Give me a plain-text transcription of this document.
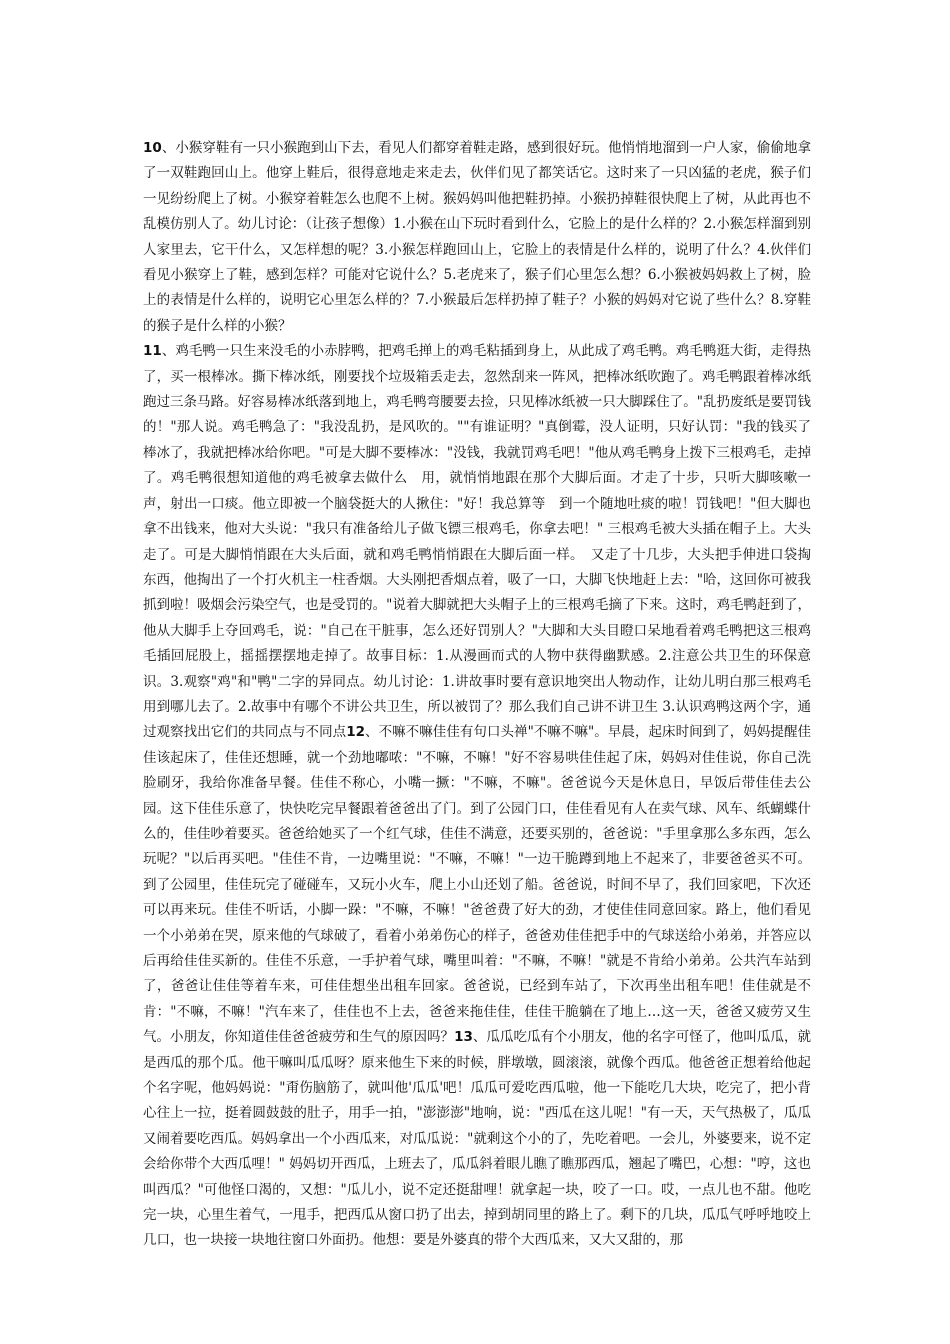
10、小猴穿鞋有一只小猴跑到山下去，看见人们都穿着鞋走路，感到很好玩。他悄悄地溜到一户人家，偷偷地拿了一双鞋跑回山上。他穿上鞋后，很得意地走来走去，伙伴们见了都笑话它。这时来了一只凶猛的老虎，猴子们一见纷纷爬上了树。小猴穿着鞋怎么也爬不上树。猴妈妈叫他把鞋扔掉。小猴扔掉鞋很快爬上了树，从此再也不乱模仿别人了。幼儿讨论：（让孩子想像）1.小猴在山下玩时看到什么，它脸上的是什么样的？2.小猴怎样溜到别人家里去，它干什么，又怎样想的呢？3.小猴怎样跑回山上，它脸上的表情是什么样的，说明了什么？4.伙伴们看见小猴穿上了鞋，感到怎样？可能对它说什么？5.老虎来了，猴子们心里怎么想？6.小猴被妈妈救上了树，脸上的表情是什么样的，说明它心里怎么样的？7.小猴最后怎样扔掉了鞋子？小猴的妈妈对它说了些什么？8.穿鞋的猴子是什么样的小猴？

11、鸡毛鸭一只生来没毛的小赤脖鸭，把鸡毛掸上的鸡毛粘插到身上，从此成了鸡毛鸭。鸡毛鸭逛大街，走得热了，买一根棒冰。撕下棒冰纸，刚要找个垃圾箱丢走去，忽然刮来一阵风，把棒冰纸吹跑了。鸡毛鸭跟着棒冰纸跑过三条马路。好容易棒冰纸落到地上，鸡毛鸭弯腰要去捡，只见棒冰纸被一只大脚踩住了。"乱扔废纸是要罚钱的！"那人说。鸡毛鸭急了："我没乱扔，是风吹的。""有谁证明？"真倒霉，没人证明，只好认罚："我的钱买了棒冰了，我就把棒冰给你吧。"可是大脚不要棒冰："没钱，我就罚鸡毛吧！"他从鸡毛鸭身上拨下三根鸡毛，走掉了。鸡毛鸭很想知道他的鸡毛被拿去做什么　用，就悄悄地跟在那个大脚后面。才走了十步，只听大脚咳嗽一声，射出一口痰。他立即被一个脑袋挺大的人揪住："好！我总算等　到一个随地吐痰的啦！罚钱吧！"但大脚也拿不出钱来，他对大头说："我只有准备给儿子做飞镖三根鸡毛，你拿去吧！" 三根鸡毛被大头插在帽子上。大头走了。可是大脚悄悄跟在大头后面，就和鸡毛鸭悄悄跟在大脚后面一样。　又走了十几步，大头把手伸进口袋掏东西，他掏出了一个打火机主一柱香烟。大头刚把香烟点着，吸了一口，大脚飞快地赶上去："哈，这回你可被我抓到啦！吸烟会污染空气，也是受罚的。"说着大脚就把大头帽子上的三根鸡毛摘了下来。这时，鸡毛鸭赶到了，他从大脚手上夺回鸡毛，说："自己在干脏事，怎么还好罚别人？"大脚和大头目瞪口呆地看着鸡毛鸭把这三根鸡毛插回屁股上，摇摇摆摆地走掉了。故事目标：1.从漫画而式的人物中获得幽默感。2.注意公共卫生的环保意识。3.观察"鸡"和"鸭"二字的异同点。幼儿讨论：1.讲故事时要有意识地突出人物动作，让幼儿明白那三根鸡毛用到哪儿去了。2.故事中有哪个不讲公共卫生，所以被罚了？那么我们自己讲不讲卫生 3.认识鸡鸭这两个字，通过观察找出它们的共同点与不同点12、不嘛不嘛佳佳有句口头禅"不嘛不嘛"。早晨，起床时间到了，妈妈提醒佳佳该起床了，佳佳还想睡，就一个劲地嘟哝："不嘛，不嘛！"好不容易哄佳佳起了床，妈妈对佳佳说，你自己洗脸刷牙，我给你准备早餐。佳佳不称心，小嘴一撅："不嘛，不嘛"。爸爸说今天是休息日，早饭后带佳佳去公园。这下佳佳乐意了，快快吃完早餐跟着爸爸出了门。到了公园门口，佳佳看见有人在卖气球、风车、纸蝴蝶什么的，佳佳吵着要买。爸爸给她买了一个红气球，佳佳不满意，还要买别的，爸爸说："手里拿那么多东西，怎么玩呢？"以后再买吧。"佳佳不肯，一边嘴里说："不嘛，不嘛！"一边干脆蹲到地上不起来了，非要爸爸买不可。到了公园里，佳佳玩完了碰碰车，又玩小火车，爬上小山还划了船。爸爸说，时间不早了，我们回家吧，下次还可以再来玩。佳佳不听话，小脚一跺："不嘛，不嘛！"爸爸费了好大的劲，才使佳佳同意回家。路上，他们看见一个小弟弟在哭，原来他的气球破了，看着小弟弟伤心的样子，爸爸劝佳佳把手中的气球送给小弟弟，并答应以后再给佳佳买新的。佳佳不乐意，一手护着气球，嘴里叫着："不嘛，不嘛！"就是不肯给小弟弟。公共汽车站到了，爸爸让佳佳等着车来，可佳佳想坐出租车回家。爸爸说，已经到车站了，下次再坐出租车吧！佳佳就是不肯："不嘛，不嘛！"汽车来了，佳佳也不上去，爸爸来拖佳佳，佳佳干脆躺在了地上…这一天，爸爸又疲劳又生气。小朋友，你知道佳佳爸爸疲劳和生气的原因吗？13、瓜瓜吃瓜有个小朋友，他的名字可怪了，他叫瓜瓜，就是西瓜的那个瓜。他干嘛叫瓜瓜呀？原来他生下来的时候，胖墩墩，圆滚滚，就像个西瓜。他爸爸正想着给他起个名字呢，他妈妈说："甭伤脑筋了，就叫他'瓜瓜'吧！瓜瓜可爱吃西瓜啦，他一下能吃几大块，吃完了，把小背心往上一拉，挺着圆鼓鼓的肚子，用手一拍，"澎澎澎"地响，说："西瓜在这儿呢！"有一天，天气热极了，瓜瓜又闹着要吃西瓜。妈妈拿出一个小西瓜来，对瓜瓜说："就剩这个小的了，先吃着吧。一会儿，外婆要来，说不定会给你带个大西瓜哩！" 妈妈切开西瓜，上班去了，瓜瓜斜着眼儿瞧了瞧那西瓜，翘起了嘴巴，心想："哼，这也叫西瓜？"可他怪口渴的，又想："瓜儿小，说不定还挺甜哩！就拿起一块，咬了一口。哎，一点儿也不甜。他吃完一块，心里生着气，一甩手，把西瓜从窗口扔了出去，掉到胡同里的路上了。剩下的几块，瓜瓜气呼呼地咬上几口，也一块接一块地往窗口外面扔。他想：要是外婆真的带个大西瓜来，又大又甜的，那
